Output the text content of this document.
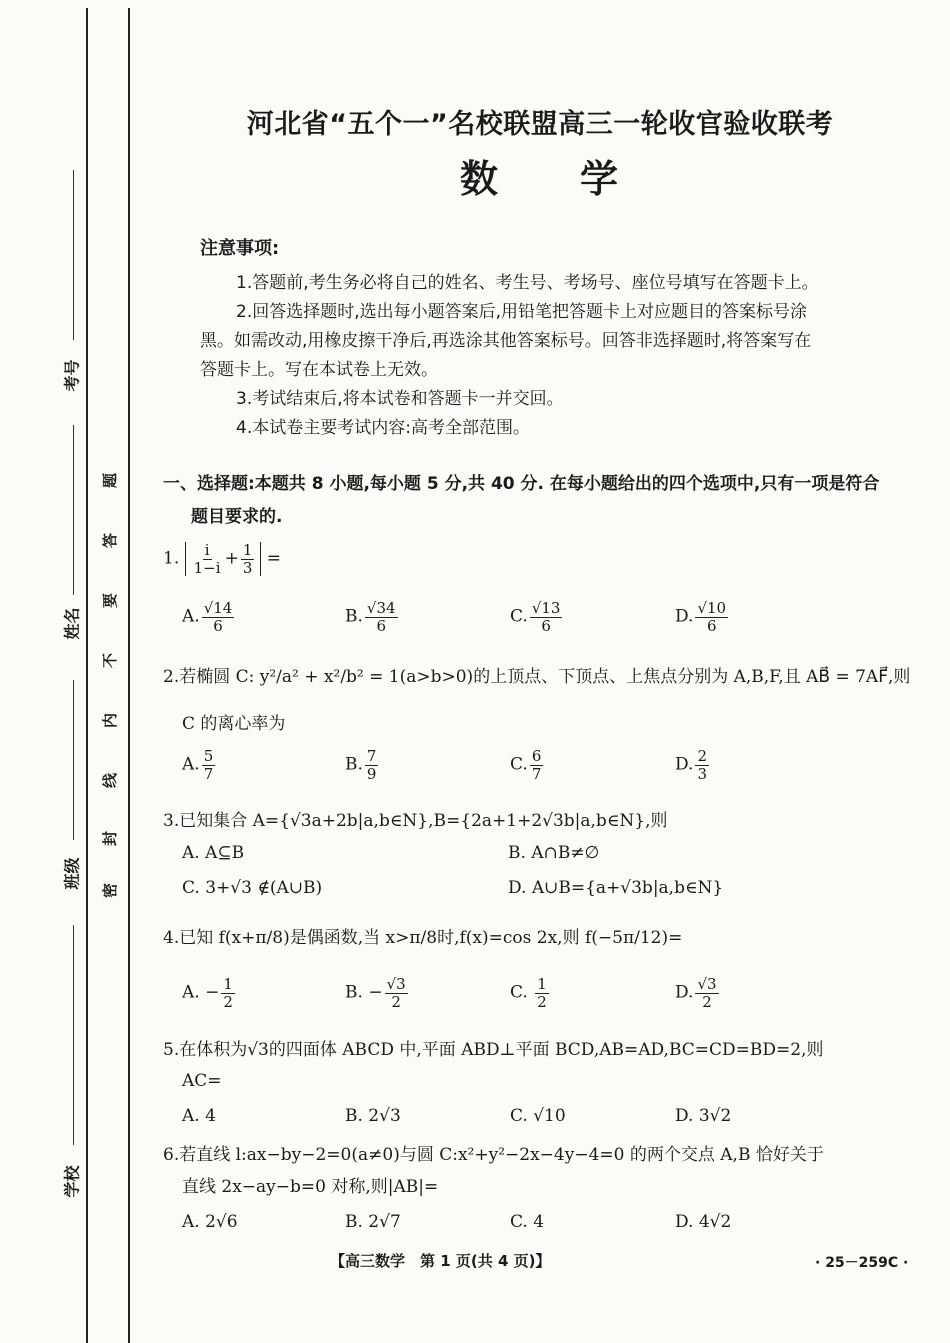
考号
姓名
班级
学校
题
答
要
不
内
线
封
密
河北省“五个一”名校联盟高三一轮收官验收联考
数　　学
注意事项:
1.答题前,考生务必将自己的姓名、考生号、考场号、座位号填写在答题卡上。
2.回答选择题时,选出每小题答案后,用铅笔把答题卡上对应题目的答案标号涂
黑。如需改动,用橡皮擦干净后,再选涂其他答案标号。回答非选择题时,将答案写在
答题卡上。写在本试卷上无效。
3.考试结束后,将本试卷和答题卡一并交回。
4.本试卷主要考试内容:高考全部范围。
一、选择题:本题共 8 小题,每小题 5 分,共 40 分. 在每小题给出的四个选项中,只有一项是符合
题目要求的.
1. $\frac{i}{1-i} + \frac{1}{3}$ =
A. $\frac{√14}{6}$	B. $\frac{√34}{6}$	C. $\frac{√13}{6}$	D. $\frac{√10}{6}$
2.若椭圆 C: y²/a² + x²/b² = 1(a>b>0)的上顶点、下顶点、上焦点分别为 A,B,F,且 AB⃗ = 7AF⃗,则
C 的离心率为
A. $\frac{5}{7}$	B. $\frac{7}{9}$	C. $\frac{6}{7}$	D. $\frac{2}{3}$
3.已知集合 A={√3a+2b|a,b∈N},B={2a+1+2√3b|a,b∈N},则
A. A⊆B	B. A∩B≠∅
C. 3+√3 ∉(A∪B)	D. A∪B={a+√3b|a,b∈N}
4.已知 f(x+π/8)是偶函数,当 x>π/8时,f(x)=cos 2x,则 f(−5π/12)=
A. − $\frac{1}{2}$	B. − $\frac{√3}{2}$	C. $\frac{1}{2}$	D. $\frac{√3}{2}$
5.在体积为√3的四面体 ABCD 中,平面 ABD⊥平面 BCD,AB=AD,BC=CD=BD=2,则
AC=
A. 4	B. 2√3	C. √10	D. 3√2
6.若直线 l:ax−by−2=0(a≠0)与圆 C:x²+y²−2x−4y−4=0 的两个交点 A,B 恰好关于
直线 2x−ay−b=0 对称,则|AB|=
A. 2√6	B. 2√7	C. 4	D. 4√2
【高三数学　第 1 页(共 4 页)】	· 25－259C ·
